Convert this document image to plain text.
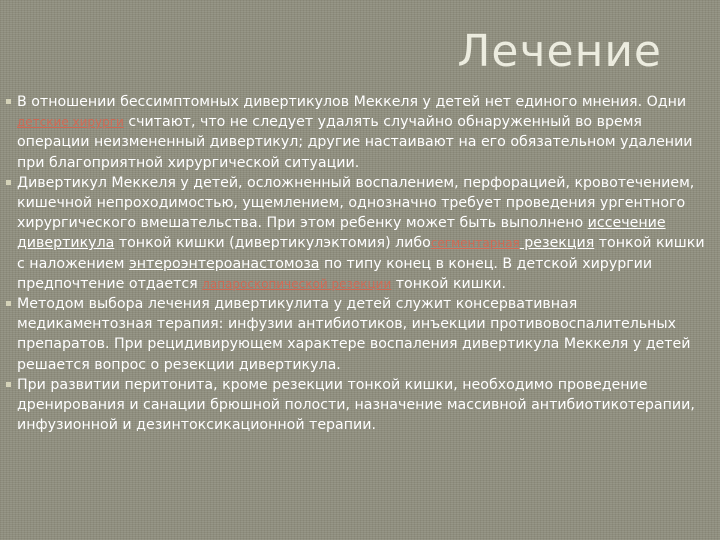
Лечение
В отношении бессимптомных дивертикулов Меккеля у детей нет единого мнения. Одни детские хирурги считают, что не следует удалять случайно обнаруженный во время операции неизмененный дивертикул; другие настаивают на его обязательном удалении при благоприятной хирургической ситуации.
Дивертикул Меккеля у детей, осложненный воспалением, перфорацией, кровотечением, кишечной непроходимостью, ущемлением, однозначно требует проведения ургентного хирургического вмешательства. При этом ребенку может быть выполнено иссечение дивертикула тонкой кишки (дивертикулэктомия) либосегментарная резекция тонкой кишки с наложением энтероэнтероанастомоза по типу конец в конец. В детской хирургии предпочтение отдается лапароскопической резекции тонкой кишки.
Методом выбора лечения дивертикулита у детей служит консервативная медикаментозная терапия: инфузии антибиотиков, инъекции противовоспалительных препаратов. При рецидивирующем характере воспаления дивертикула Меккеля у детей решается вопрос о резекции дивертикула.
При развитии перитонита, кроме резекции тонкой кишки, необходимо проведение дренирования и санации брюшной полости, назначение массивной антибиотикотерапии, инфузионной и дезинтоксикационной терапии.
